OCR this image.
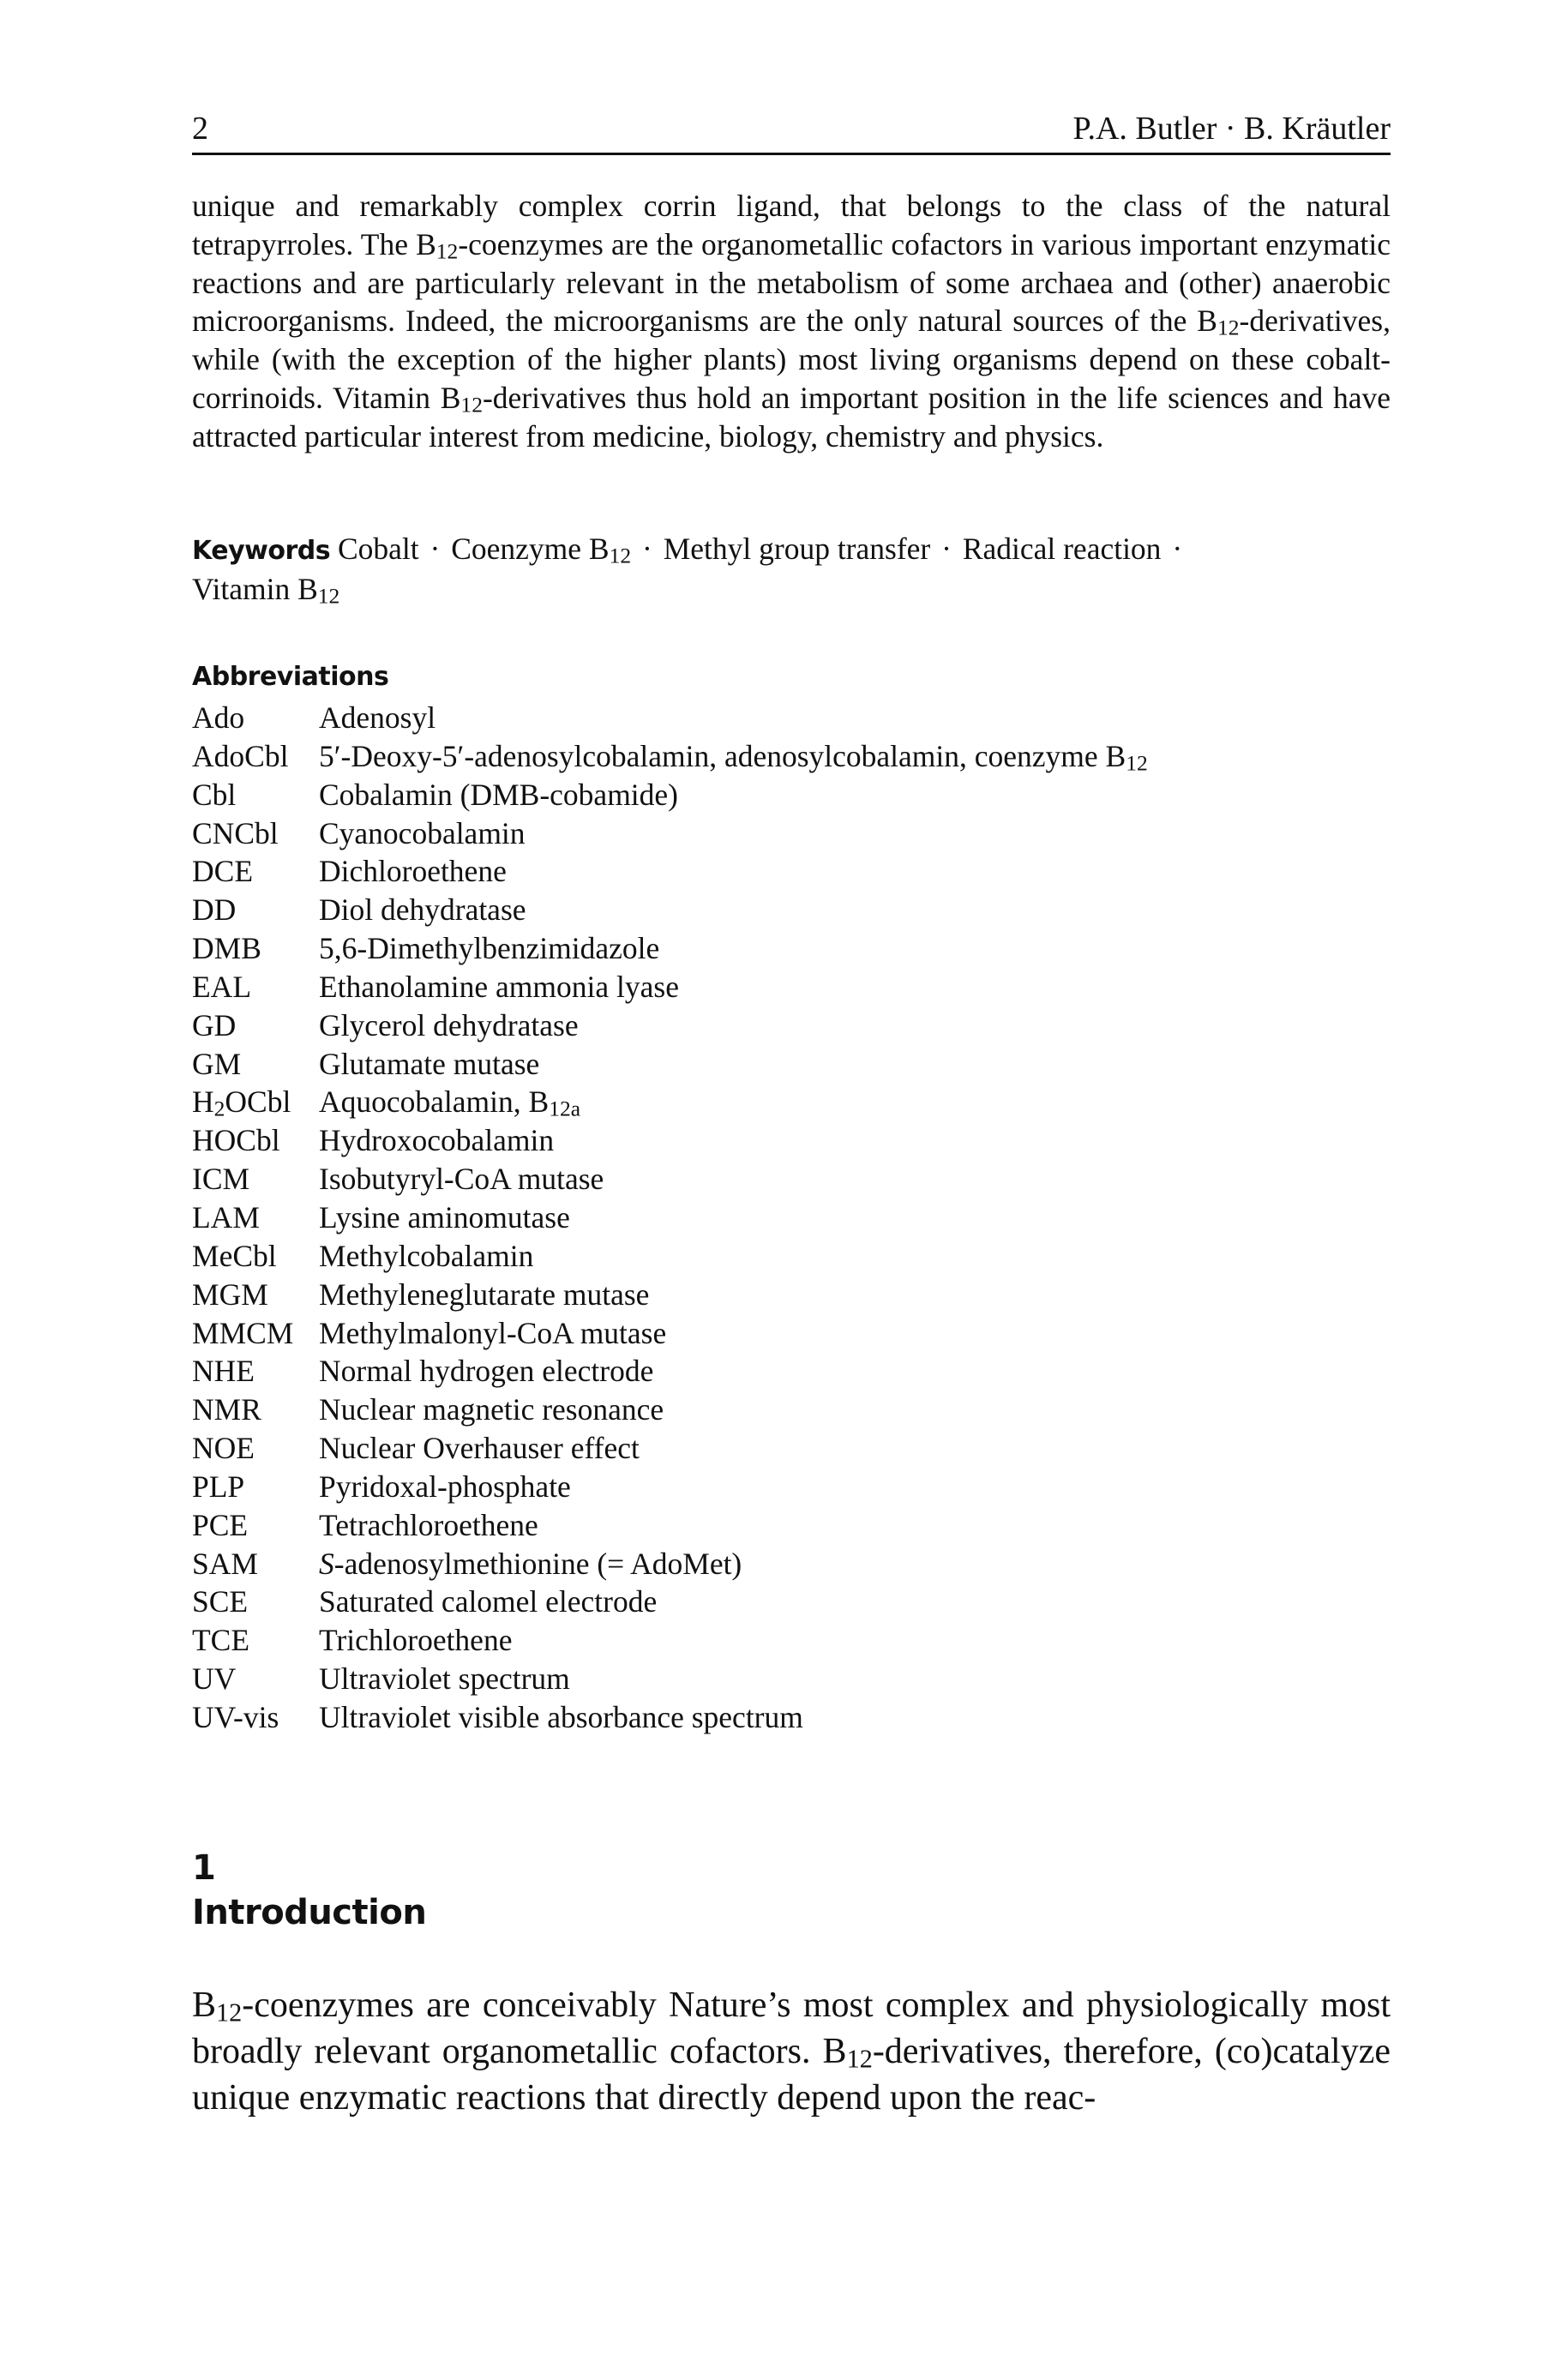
2	P.A. Butler · B. Kräutler
unique and remarkably complex corrin ligand, that belongs to the class of the natural tetrapyrroles. The $B_{12}$-coenzymes are the organometallic cofactors in various important enzymatic reactions and are particularly relevant in the metabolism of some archaea and (other) anaerobic microorganisms. Indeed, the microorganisms are the only natural sources of the $B_{12}$-derivatives, while (with the exception of the higher plants) most living organisms depend on these cobalt-corrinoids. Vitamin $B_{12}$-derivatives thus hold an important position in the life sciences and have attracted particular interest from medicine, biology, chemistry and physics.
Keywords Cobalt · Coenzyme $B_{12}$ · Methyl group transfer · Radical reaction ·
Vitamin $B_{12}$
Abbreviations
Ado Adenosyl
AdoCbl 5′-Deoxy-5′-adenosylcobalamin, adenosylcobalamin, coenzyme $B_{12}$
Cbl	Cobalamin (DMB-cobamide)
CNCbl Cyanocobalamin
DCE Dichloroethene
DD	Diol dehydratase
DMB 5,6-Dimethylbenzimidazole
EAL Ethanolamine ammonia lyase
GD	Glycerol dehydratase
GM	Glutamate mutase
$H_2OCbl$ Aquocobalamin, $B_{12a}$
HOCbl Hydroxocobalamin
ICM Isobutyryl-CoA mutase
LAM Lysine aminomutase
MeCbl Methylcobalamin
MGM Methyleneglutarate mutase
MMCM Methylmalonyl-CoA mutase
NHE Normal hydrogen electrode
NMR Nuclear magnetic resonance
NOE Nuclear Overhauser effect
PLP Pyridoxal-phosphate
PCE Tetrachloroethene
SAM S-adenosylmethionine (= AdoMet)
SCE Saturated calomel electrode
TCE Trichloroethene
UV	Ultraviolet spectrum
UV-vis Ultraviolet visible absorbance spectrum
1
Introduction
$B_{12}$-coenzymes are conceivably Nature’s most complex and physiologically most broadly relevant organometallic cofactors. $B_{12}$-derivatives, therefore, (co)catalyze unique enzymatic reactions that directly depend upon the reac-
